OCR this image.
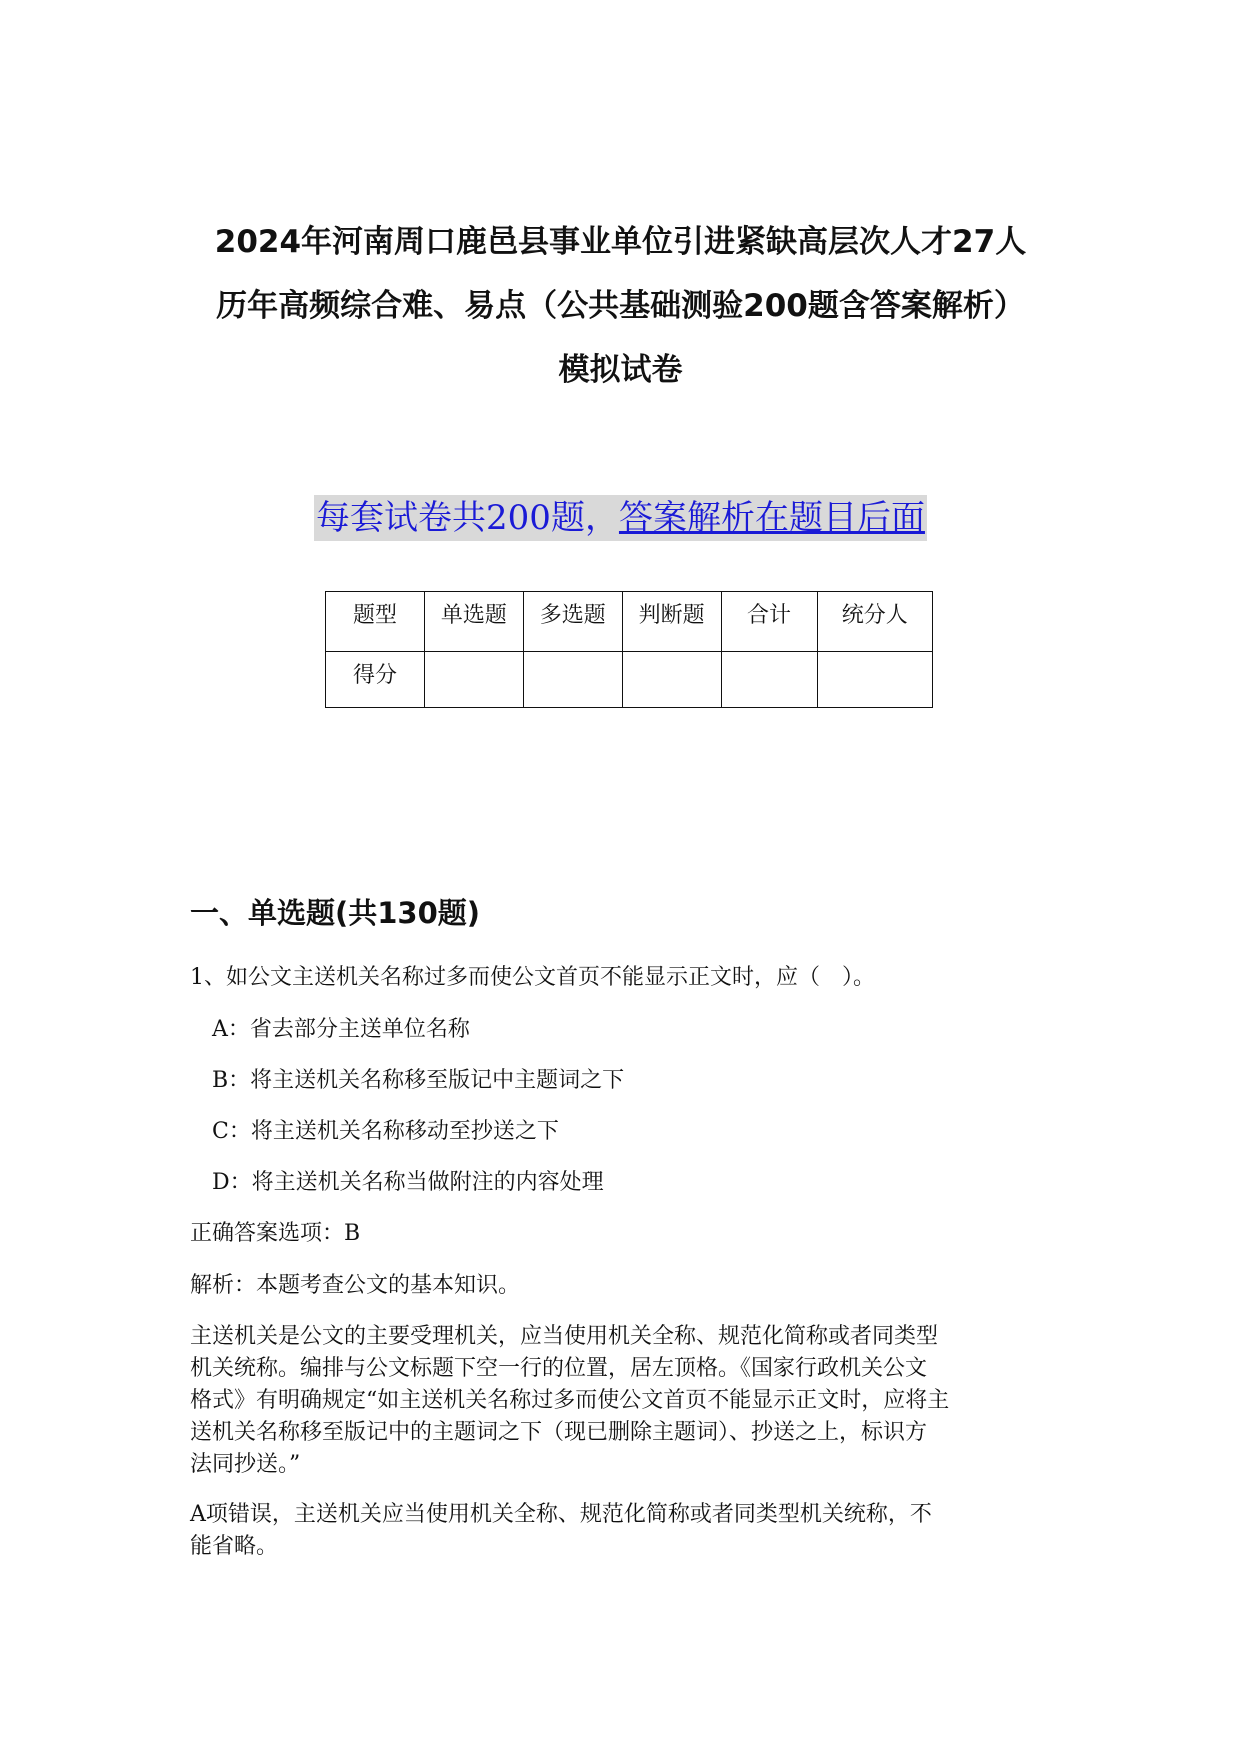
2024年河南周口鹿邑县事业单位引进紧缺高层次人才27人
历年高频综合难、易点（公共基础测验200题含答案解析）
模拟试卷
每套试卷共200题，答案解析在题目后面
题型	单选题	多选题	判断题	合计	统分人
得分					
一、单选题(共130题)
1、如公文主送机关名称过多而使公文首页不能显示正文时，应（　）。
A：省去部分主送单位名称
B：将主送机关名称移至版记中主题词之下
C：将主送机关名称移动至抄送之下
D：将主送机关名称当做附注的内容处理
正确答案选项：B
解析：本题考查公文的基本知识。
主送机关是公文的主要受理机关，应当使用机关全称、规范化简称或者同类型
机关统称。编排与公文标题下空一行的位置，居左顶格。《国家行政机关公文
格式》有明确规定“如主送机关名称过多而使公文首页不能显示正文时，应将主
送机关名称移至版记中的主题词之下（现已删除主题词）、抄送之上，标识方
法同抄送。”
A项错误，主送机关应当使用机关全称、规范化简称或者同类型机关统称，不
能省略。
